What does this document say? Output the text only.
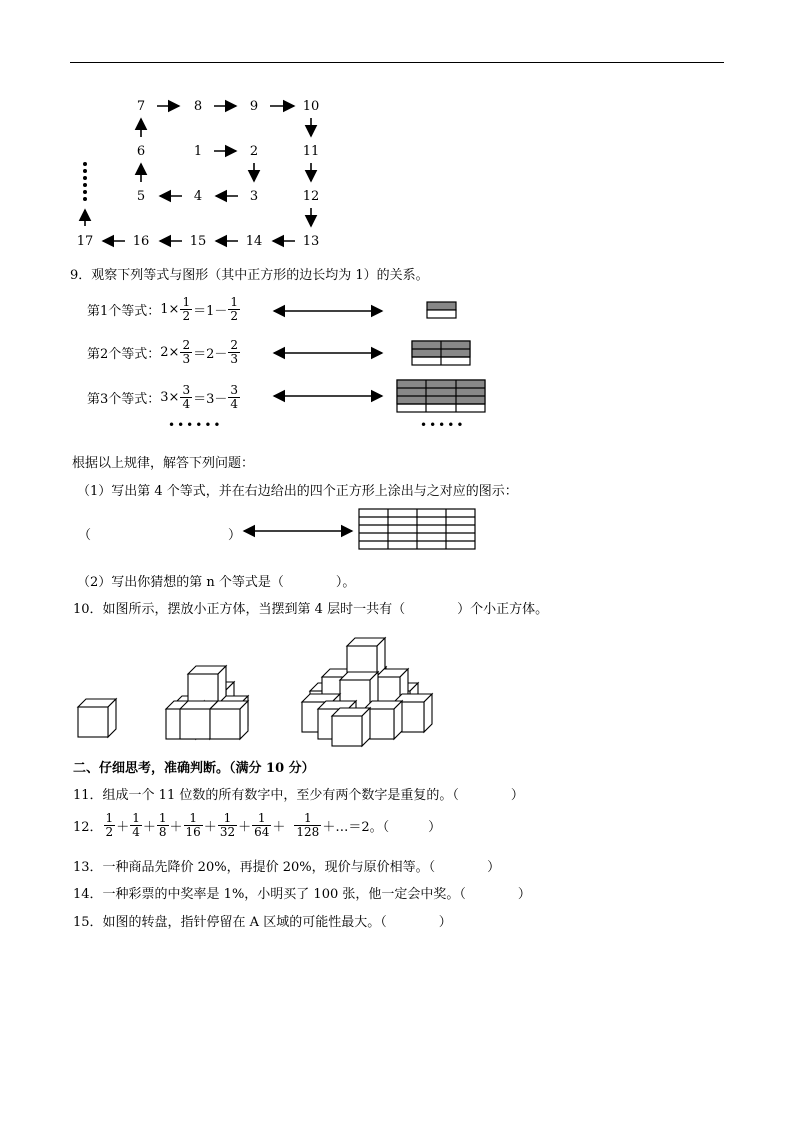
7	8	9	10
6	1	2	11
5	4	3	12
17	16	15	14	13
9．观察下列等式与图形（其中正方形的边长均为 1）的关系。
第1个等式： $1\times \frac{1}{2} =1- \frac{1}{2}$
第2个等式： $2\times \frac{2}{3} =2- \frac{2}{3}$
第3个等式： $3\times \frac{3}{4} =3- \frac{3}{4}$
••••••	•••••
根据以上规律，解答下列问题：
（1）写出第 4 个等式，并在右边给出的四个正方形上涂出与之对应的图示：
（	）
（2）写出你猜想的第 n 个等式是（　　　　）。
10．如图所示，摆放小正方体，当摆到第 4 层时一共有（　　　　）个小正方体。
二、仔细思考，准确判断。（满分 10 分）
11．组成一个 11 位数的所有数字中，至少有两个数字是重复的。（　　　　）
12． $\frac{1}{2} + \frac{1}{4} + \frac{1}{8} + \frac{1}{16} + \frac{1}{32} + \frac{1}{64} + \frac{1}{128}$ ＋…＝2。（　　　）
13．一种商品先降价 20%，再提价 20%，现价与原价相等。（　　　　）
14．一种彩票的中奖率是 1%，小明买了 100 张，他一定会中奖。（　　　　）
15．如图的转盘，指针停留在 A 区域的可能性最大。（　　　　）
